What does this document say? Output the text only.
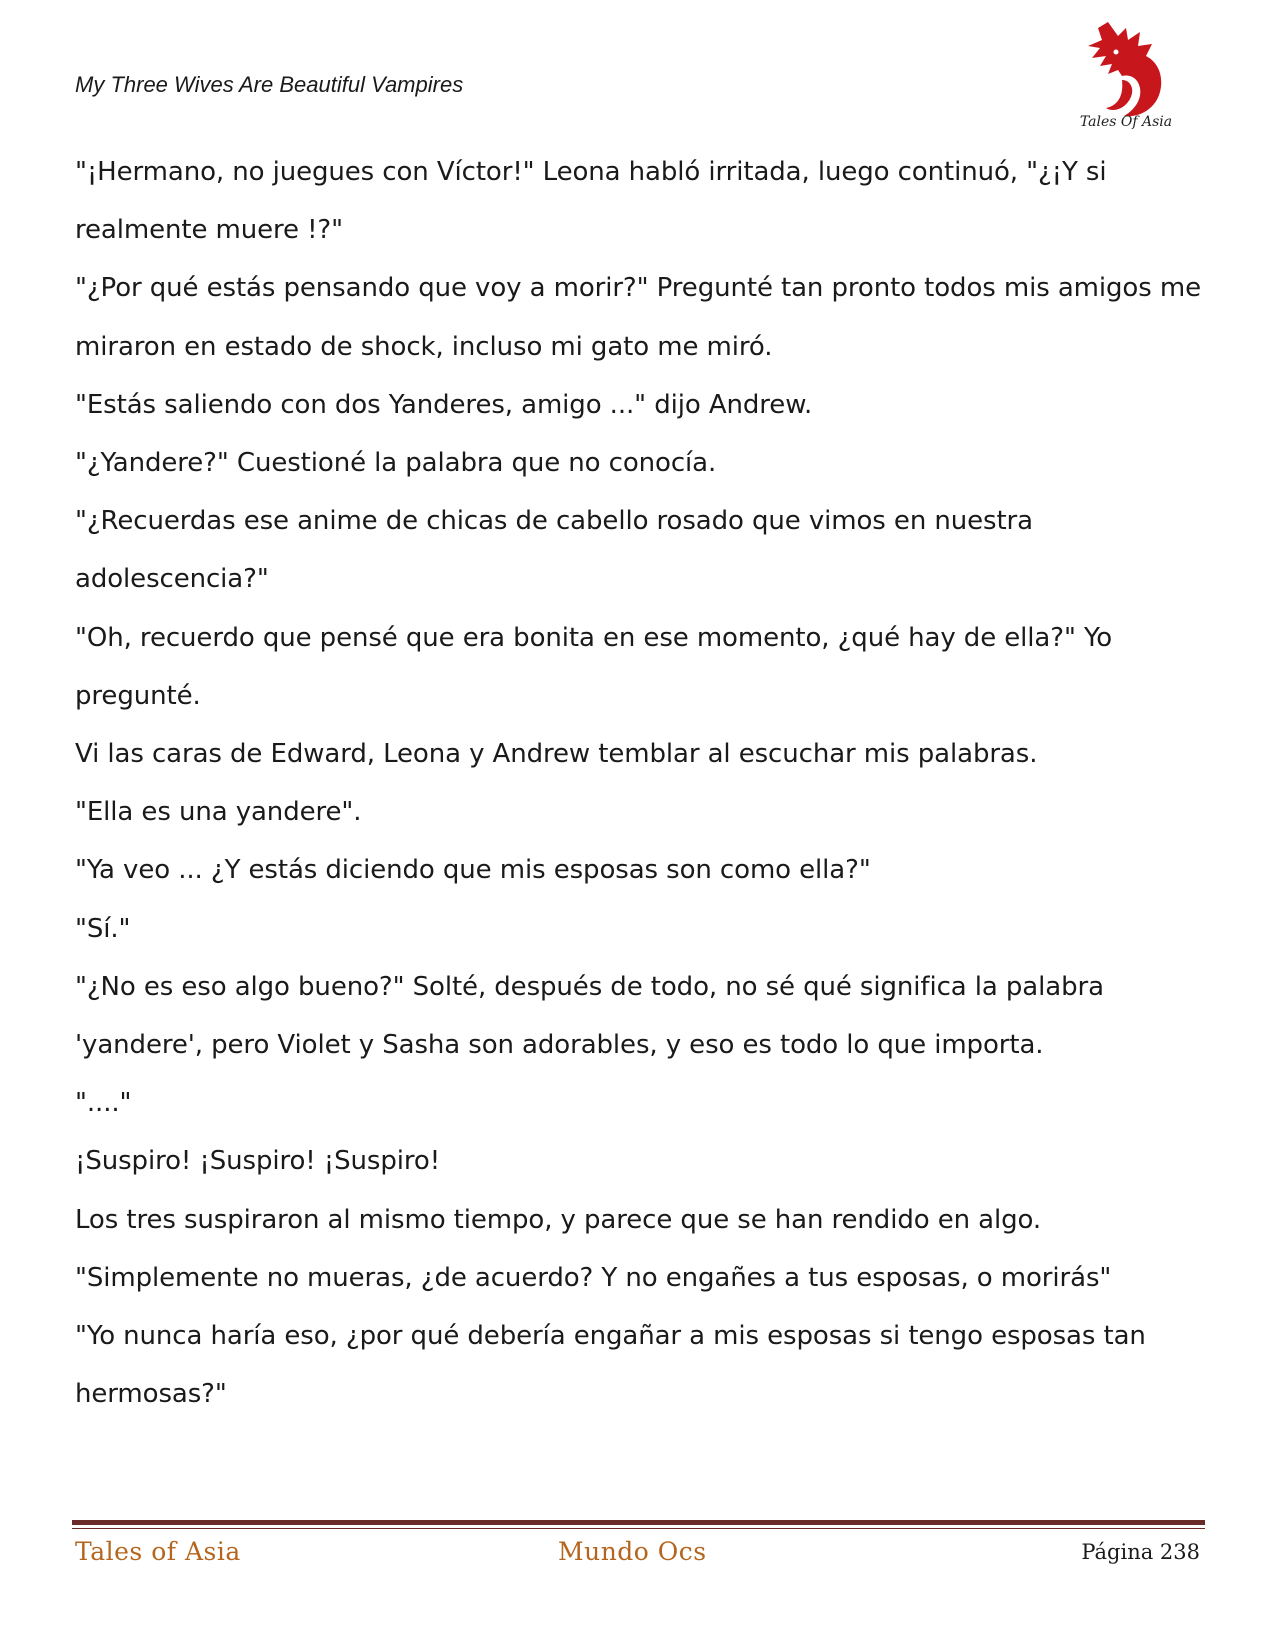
My Three Wives Are Beautiful Vampires
Tales Of Asia

"¡Hermano, no juegues con Víctor!" Leona habló irritada, luego continuó, "¿¡Y si realmente muere !?"

"¿Por qué estás pensando que voy a morir?" Pregunté tan pronto todos mis amigos me miraron en estado de shock, incluso mi gato me miró.

"Estás saliendo con dos Yanderes, amigo ..." dijo Andrew.

"¿Yandere?" Cuestioné la palabra que no conocía.

"¿Recuerdas ese anime de chicas de cabello rosado que vimos en nuestra adolescencia?"

"Oh, recuerdo que pensé que era bonita en ese momento, ¿qué hay de ella?" Yo pregunté.

Vi las caras de Edward, Leona y Andrew temblar al escuchar mis palabras.

"Ella es una yandere".

"Ya veo ... ¿Y estás diciendo que mis esposas son como ella?"

"Sí."

"¿No es eso algo bueno?" Solté, después de todo, no sé qué significa la palabra 'yandere', pero Violet y Sasha son adorables, y eso es todo lo que importa.

"...."

¡Suspiro! ¡Suspiro! ¡Suspiro!

Los tres suspiraron al mismo tiempo, y parece que se han rendido en algo.

"Simplemente no mueras, ¿de acuerdo? Y no engañes a tus esposas, o morirás"

"Yo nunca haría eso, ¿por qué debería engañar a mis esposas si tengo esposas tan hermosas?"

Tales of Asia	Mundo Ocs	Página 238
